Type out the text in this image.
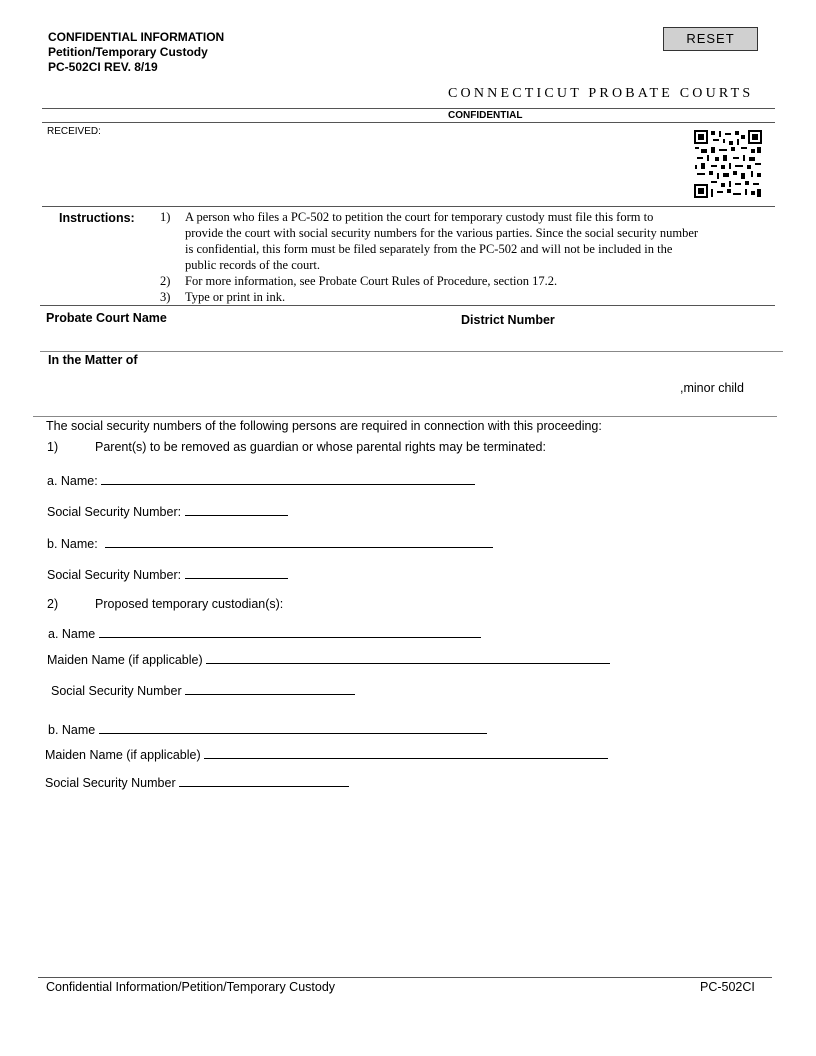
CONFIDENTIAL INFORMATION
Petition/Temporary Custody
PC-502CI REV. 8/19
RESET
CONNECTICUT PROBATE COURTS
CONFIDENTIAL
RECEIVED:
Instructions: 1)	A person who files a PC-502 to petition the court for temporary custody must file this form to
provide the court with social security numbers for the various parties. Since the social security number
is confidential, this form must be filed separately from the PC-502 and will not be included in the
public records of the court.
2)	For more information, see Probate Court Rules of Procedure, section 17.2.
3)	Type or print in ink.
Probate Court Name	District Number
In the Matter of
,minor child
The social security numbers of the following persons are required in connection with this proceeding:
1)	Parent(s) to be removed as guardian or whose parental rights may be terminated:
a. Name:
Social Security Number:
b. Name:
Social Security Number:
2)	Proposed temporary custodian(s):
a. Name
Maiden Name (if applicable)
Social Security Number
b. Name
Maiden Name (if applicable)
Social Security Number
Confidential Information/Petition/Temporary Custody	PC-502CI
